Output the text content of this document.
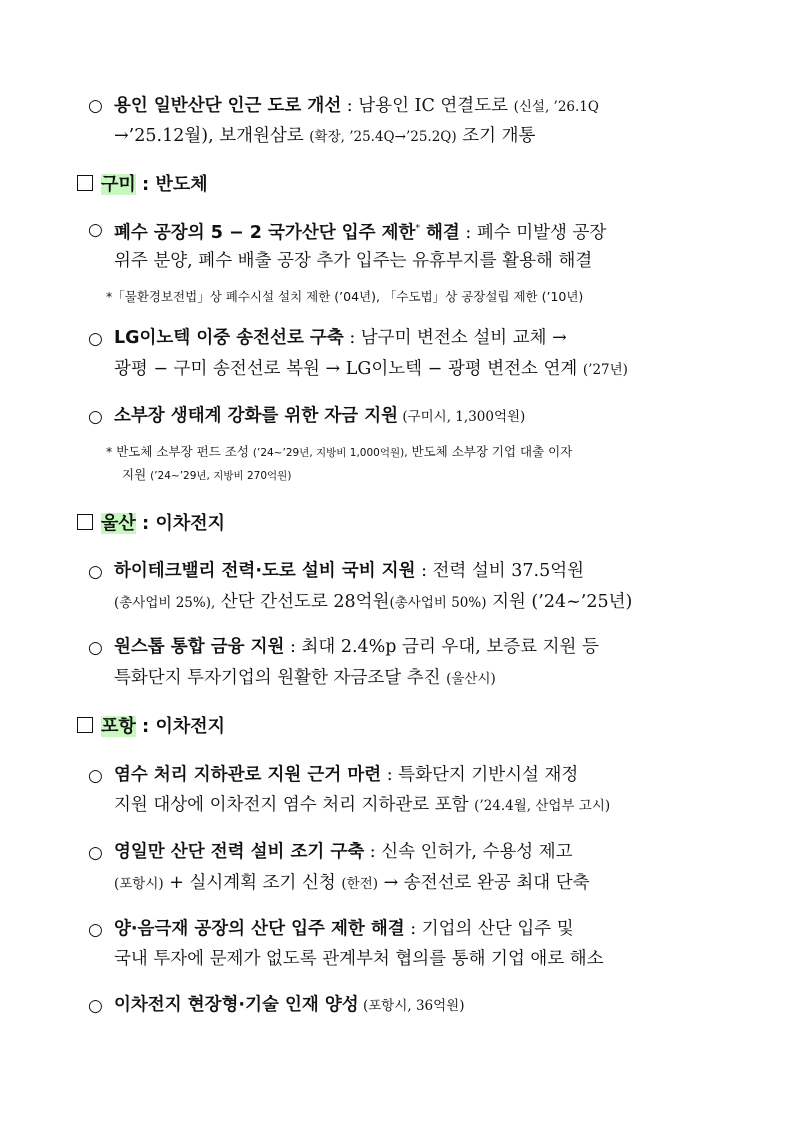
○ 용인 일반산단 인근 도로 개선 : 남용인 IC 연결도로 (신설, ’26.1Q
→’25.12월), 보개원삼로 (확장, ’25.4Q→’25.2Q) 조기 개통
구미 : 반도체
○ 폐수 공장의 5 − 2 국가산단 입주 제한* 해결 : 폐수 미발생 공장
위주 분양, 폐수 배출 공장 추가 입주는 유휴부지를 활용해 해결
*「물환경보전법」상 폐수시설 설치 제한 (’04년), 「수도법」상 공장설립 제한 (’10년)
○ LG이노텍 이중 송전선로 구축 : 남구미 변전소 설비 교체 →
광평 − 구미 송전선로 복원 → LG이노텍 − 광평 변전소 연계 (’27년)
○ 소부장 생태계 강화를 위한 자금 지원 (구미시, 1,300억원)
* 반도체 소부장 펀드 조성 (’24~’29년, 지방비 1,000억원), 반도체 소부장 기업 대출 이자
지원 (’24~’29년, 지방비 270억원)
울산 : 이차전지
○ 하이테크밸리 전력·도로 설비 국비 지원 : 전력 설비 37.5억원
(총사업비 25%), 산단 간선도로 28억원(총사업비 50%) 지원 (’24~’25년)
○ 원스톱 통합 금융 지원 : 최대 2.4%p 금리 우대, 보증료 지원 등
특화단지 투자기업의 원활한 자금조달 추진 (울산시)
포항 : 이차전지
○ 염수 처리 지하관로 지원 근거 마련 : 특화단지 기반시설 재정
지원 대상에 이차전지 염수 처리 지하관로 포함 (’24.4월, 산업부 고시)
○ 영일만 산단 전력 설비 조기 구축 : 신속 인허가, 수용성 제고
(포항시) + 실시계획 조기 신청 (한전) → 송전선로 완공 최대 단축
○ 양·음극재 공장의 산단 입주 제한 해결 : 기업의 산단 입주 및
국내 투자에 문제가 없도록 관계부처 협의를 통해 기업 애로 해소
○ 이차전지 현장형·기술 인재 양성 (포항시, 36억원)
